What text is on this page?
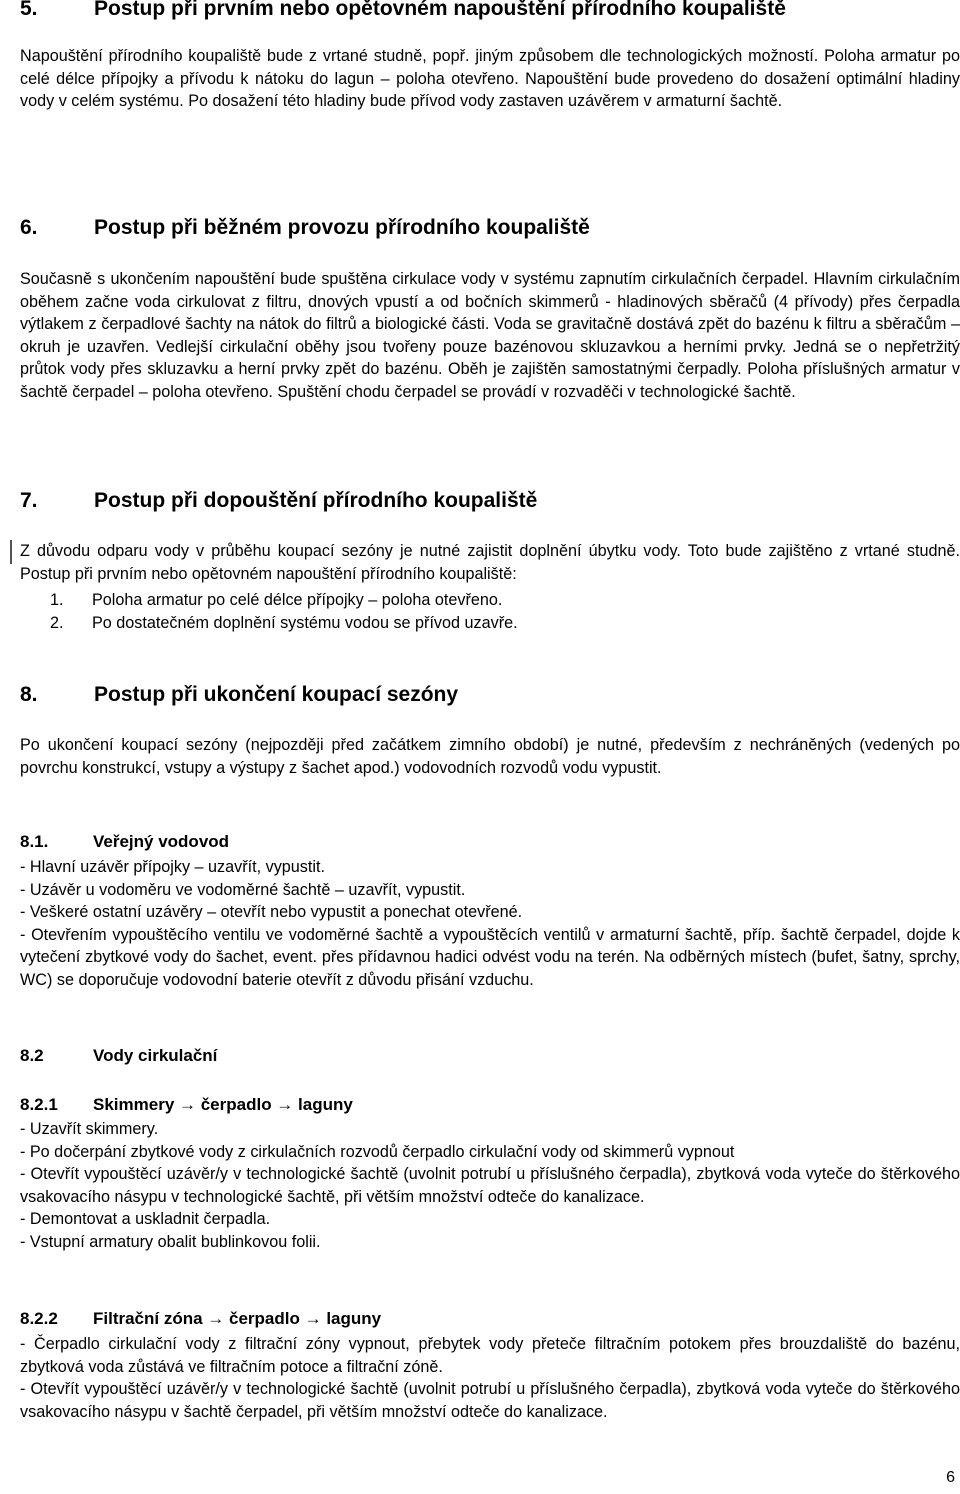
5.	Postup při prvním nebo opětovném napouštění přírodního koupaliště
Napouštění přírodního koupaliště bude z vrtané studně, popř. jiným způsobem dle technologických možností. Poloha armatur po celé délce přípojky a přívodu k nátoku do lagun – poloha otevřeno. Napouštění bude provedeno do dosažení optimální hladiny vody v celém systému. Po dosažení této hladiny bude přívod vody zastaven uzávěrem v armaturní šachtě.
6.	Postup při běžném provozu přírodního koupaliště
Současně s ukončením napouštění bude spuštěna cirkulace vody v systému zapnutím cirkulačních čerpadel. Hlavním cirkulačním oběhem začne voda cirkulovat z filtru, dnových vpustí a od bočních skimmerů - hladinových sběračů (4 přívody) přes čerpadla výtlakem z čerpadlové šachty na nátok do filtrů a biologické části. Voda se gravitačně dostává zpět do bazénu k filtru a sběračům – okruh je uzavřen. Vedlejší cirkulační oběhy jsou tvořeny pouze bazénovou skluzavkou a herními prvky. Jedná se o nepřetržitý průtok vody přes skluzavku a herní prvky zpět do bazénu. Oběh je zajištěn samostatnými čerpadly. Poloha příslušných armatur v šachtě čerpadel – poloha otevřeno. Spuštění chodu čerpadel se provádí v rozvaděči v technologické šachtě.
7.	Postup při dopouštění přírodního koupaliště
Z důvodu odparu vody v průběhu koupací sezóny je nutné zajistit doplnění úbytku vody. Toto bude zajištěno z vrtané studně. Postup při prvním nebo opětovném napouštění přírodního koupaliště:
1. Poloha armatur po celé délce přípojky – poloha otevřeno.
2. Po dostatečném doplnění systému vodou se přívod uzavře.
8.	Postup při ukončení koupací sezóny
Po ukončení koupací sezóny (nejpozději před začátkem zimního období) je nutné, především z nechráněných (vedených po povrchu konstrukcí, vstupy a výstupy z šachet apod.) vodovodních rozvodů vodu vypustit.
8.1.	Veřejný vodovod
- Hlavní uzávěr přípojky – uzavřít, vypustit.
- Uzávěr u vodoměru ve vodoměrné šachtě – uzavřít, vypustit.
- Veškeré ostatní uzávěry – otevřít nebo vypustit a ponechat otevřené.
- Otevřením vypouštěcího ventilu ve vodoměrné šachtě a vypouštěcích ventilů v armaturní šachtě, příp. šachtě čerpadel, dojde k vytečení zbytkové vody do šachet, event. přes přídavnou hadici odvést vodu na terén. Na odběrných místech (bufet, šatny, sprchy, WC) se doporučuje vodovodní baterie otevřít z důvodu přisání vzduchu.
8.2	Vody cirkulační
8.2.1 Skimmery → čerpadlo → laguny
- Uzavřít skimmery.
- Po dočerpání zbytkové vody z cirkulačních rozvodů čerpadlo cirkulační vody od skimmerů vypnout
- Otevřít vypouštěcí uzávěr/y v technologické šachtě (uvolnit potrubí u příslušného čerpadla), zbytková voda vyteče do štěrkového vsakovacího násypu v technologické šachtě, při větším množství odteče do kanalizace.
- Demontovat a uskladnit čerpadla.
- Vstupní armatury obalit bublinkovou folii.
8.2.2 Filtrační zóna → čerpadlo → laguny
- Čerpadlo cirkulační vody z filtrační zóny vypnout, přebytek vody přeteče filtračním potokem přes brouzdaliště do bazénu, zbytková voda zůstává ve filtračním potoce a filtrační zóně.
- Otevřít vypouštěcí uzávěr/y v technologické šachtě (uvolnit potrubí u příslušného čerpadla), zbytková voda vyteče do štěrkového vsakovacího násypu v šachtě čerpadel, při větším množství odteče do kanalizace.
6
